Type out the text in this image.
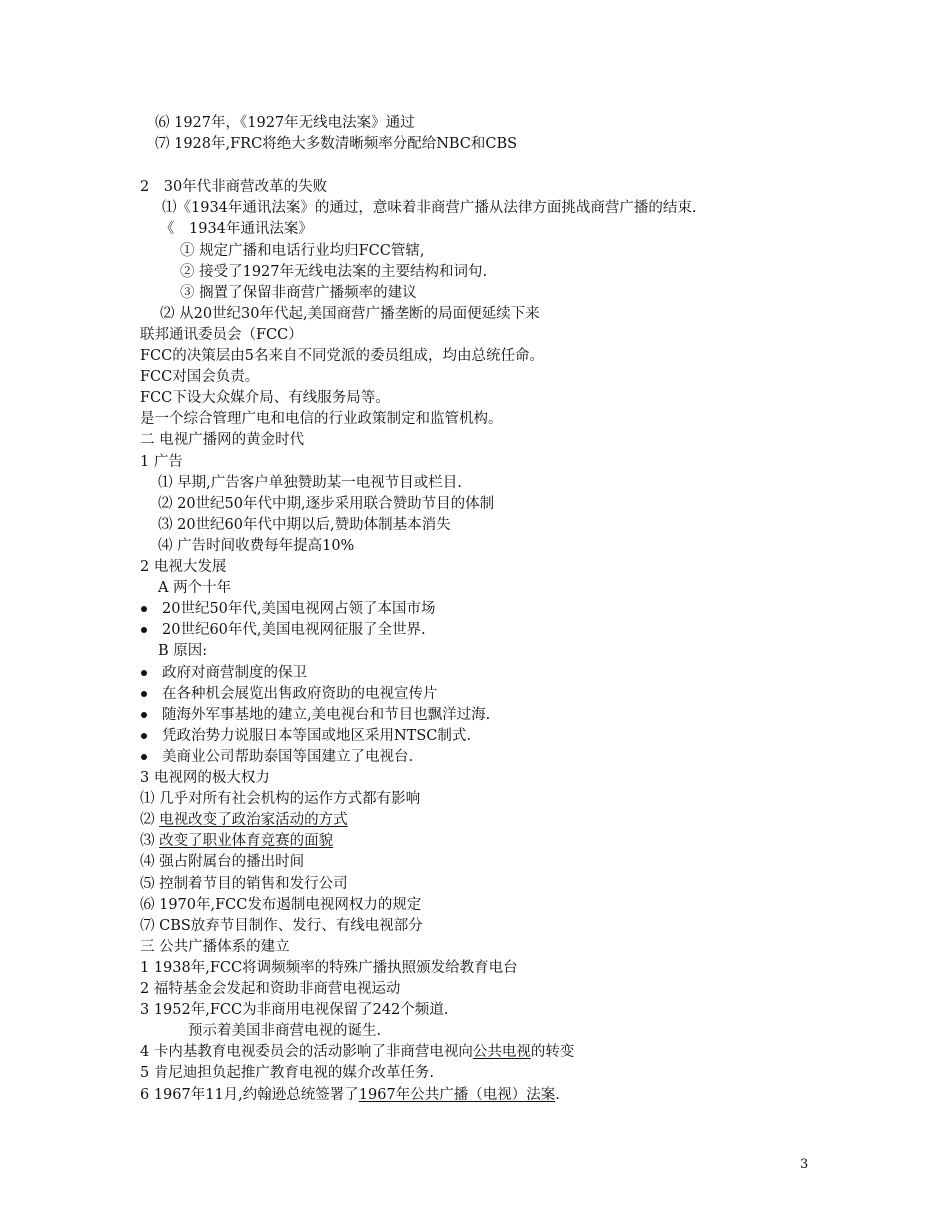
⑹ 1927年，《1927年无线电法案》通过
⑺ 1928年,FRC将绝大多数清晰频率分配给NBC和CBS
2　30年代非商营改革的失败
⑴《1934年通讯法案》的通过，意味着非商营广播从法律方面挑战商营广播的结束.
《　1934年通讯法案》
① 规定广播和电话行业均归FCC管辖,
② 接受了1927年无线电法案的主要结构和词句.
③ 搁置了保留非商营广播频率的建议
⑵ 从20世纪30年代起,美国商营广播垄断的局面便延续下来
联邦通讯委员会（FCC）
FCC的决策层由5名来自不同党派的委员组成，均由总统任命。
FCC对国会负责。
FCC下设大众媒介局、有线服务局等。
是一个综合管理广电和电信的行业政策制定和监管机构。
二 电视广播网的黄金时代
1 广告
⑴ 早期,广告客户单独赞助某一电视节目或栏目.
⑵ 20世纪50年代中期,逐步采用联合赞助节目的体制
⑶ 20世纪60年代中期以后,赞助体制基本消失
⑷ 广告时间收费每年提高10%
2 电视大发展
A 两个十年
20世纪50年代,美国电视网占领了本国市场
20世纪60年代,美国电视网征服了全世界.
B 原因:
政府对商营制度的保卫
在各种机会展览出售政府资助的电视宣传片
随海外军事基地的建立,美电视台和节目也飘洋过海.
凭政治势力说服日本等国或地区采用NTSC制式.
美商业公司帮助泰国等国建立了电视台.
3 电视网的极大权力
⑴ 几乎对所有社会机构的运作方式都有影响
⑵ 电视改变了政治家活动的方式
⑶ 改变了职业体育竞赛的面貌
⑷ 强占附属台的播出时间
⑸ 控制着节目的销售和发行公司
⑹ 1970年,FCC发布遏制电视网权力的规定
⑺ CBS放弃节目制作、发行、有线电视部分
三 公共广播体系的建立
1 1938年,FCC将调频频率的特殊广播执照颁发给教育电台
2 福特基金会发起和资助非商营电视运动
3 1952年,FCC为非商用电视保留了242个频道.
预示着美国非商营电视的诞生.
4 卡内基教育电视委员会的活动影响了非商营电视向公共电视的转变
5 肯尼迪担负起推广教育电视的媒介改革任务.
6 1967年11月,约翰逊总统签署了1967年公共广播（电视）法案.
3
